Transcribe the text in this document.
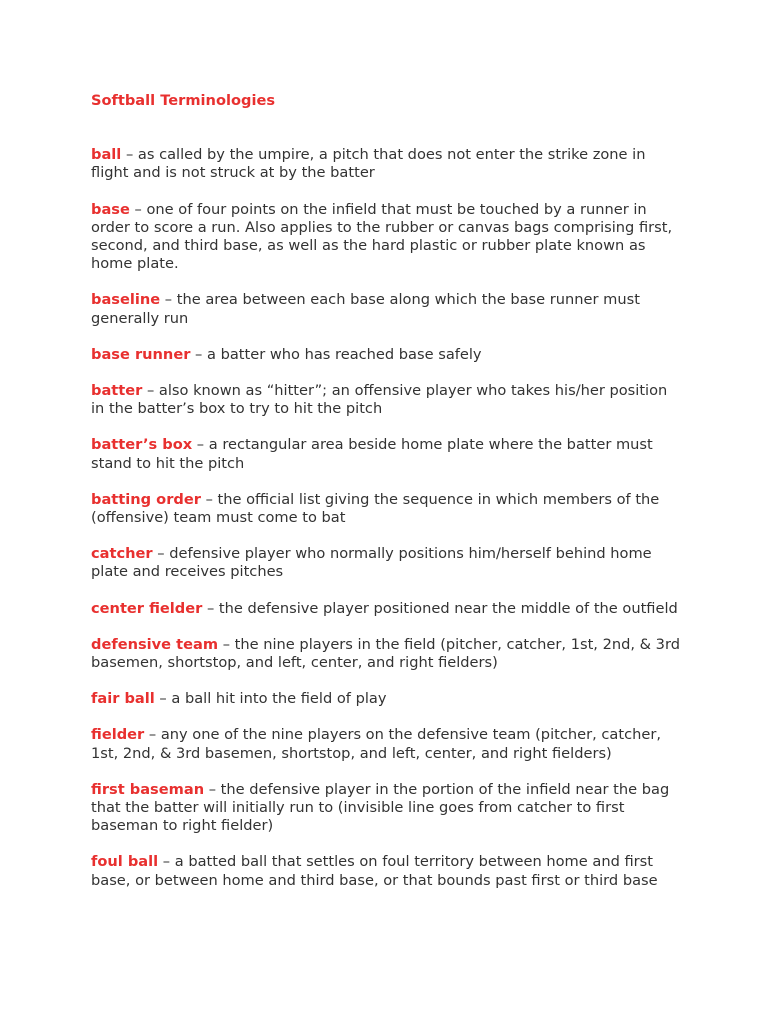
Softball Terminologies
ball – as called by the umpire, a pitch that does not enter the strike zone in flight and is not struck at by the batter
base – one of four points on the infield that must be touched by a runner in order to score a run. Also applies to the rubber or canvas bags comprising first, second, and third base, as well as the hard plastic or rubber plate known as home plate.
baseline – the area between each base along which the base runner must generally run
base runner – a batter who has reached base safely
batter – also known as “hitter”; an offensive player who takes his/her position in the batter’s box to try to hit the pitch
batter’s box – a rectangular area beside home plate where the batter must stand to hit the pitch
batting order – the official list giving the sequence in which members of the (offensive) team must come to bat
catcher – defensive player who normally positions him/herself behind home plate and receives pitches
center fielder – the defensive player positioned near the middle of the outfield
defensive team – the nine players in the field (pitcher, catcher, 1st, 2nd, & 3rd basemen, shortstop, and left, center, and right fielders)
fair ball – a ball hit into the field of play
fielder – any one of the nine players on the defensive team (pitcher, catcher, 1st, 2nd, & 3rd basemen, shortstop, and left, center, and right fielders)
first baseman – the defensive player in the portion of the infield near the bag that the batter will initially run to (invisible line goes from catcher to first baseman to right fielder)
foul ball – a batted ball that settles on foul territory between home and first base, or between home and third base, or that bounds past first or third base
